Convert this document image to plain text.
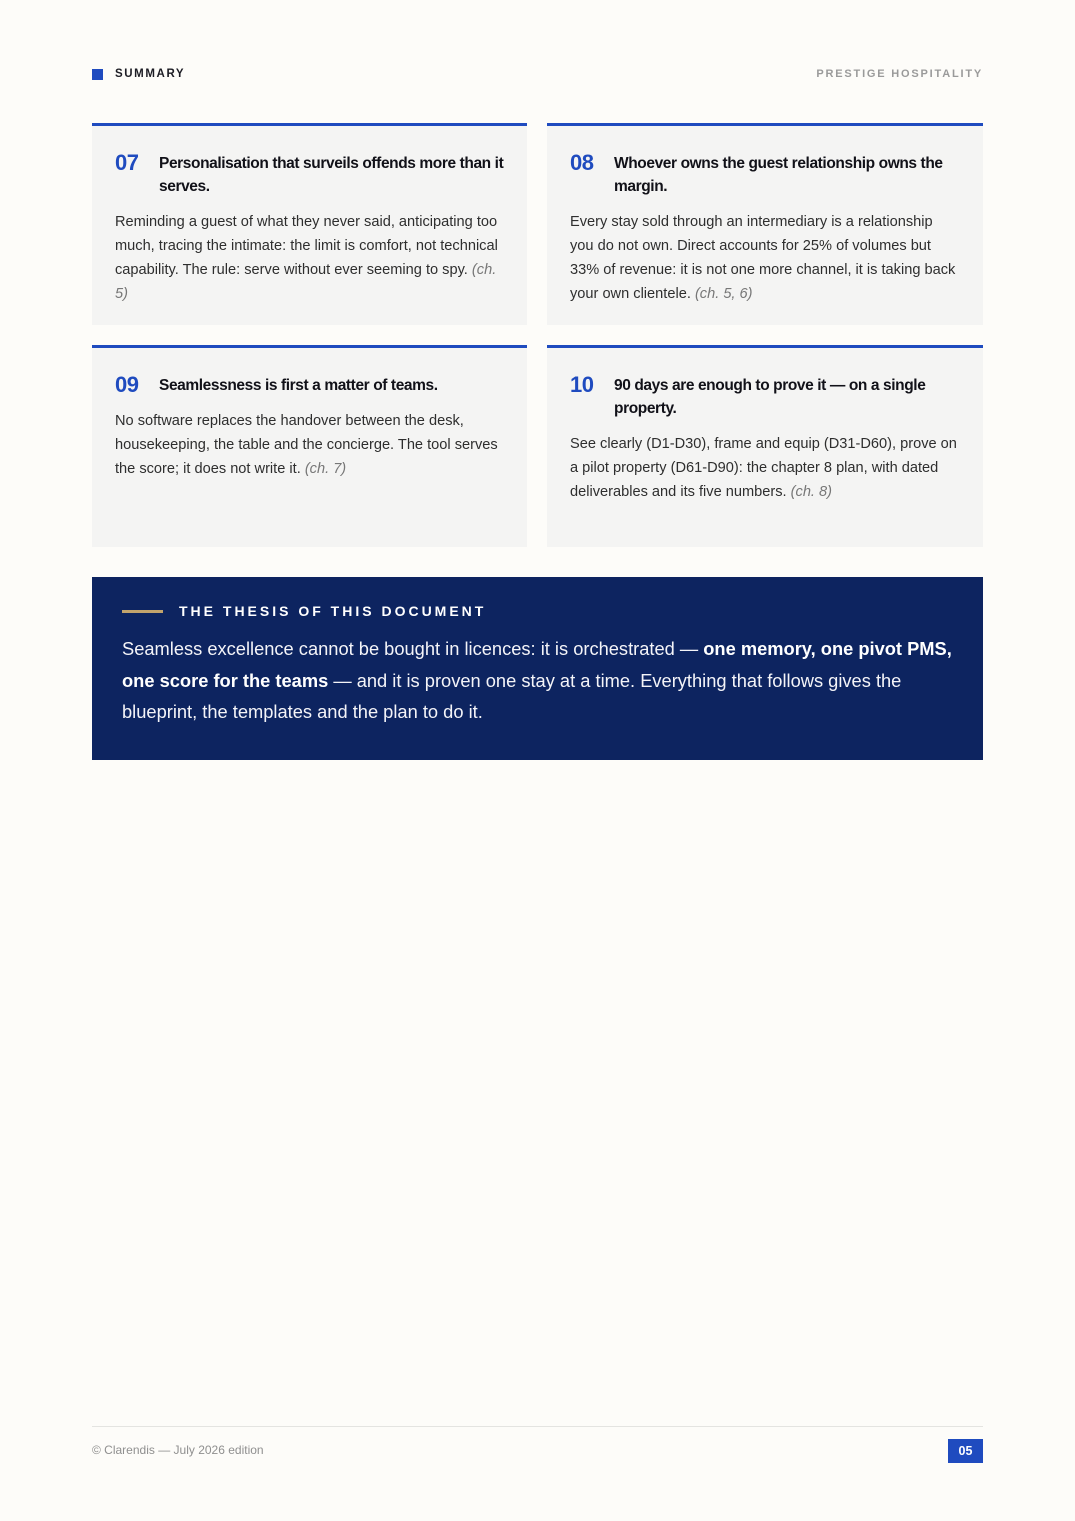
SUMMARY	PRESTIGE HOSPITALITY
07	Personalisation that surveils offends more than it serves.

Reminding a guest of what they never said, anticipating too much, tracing the intimate: the limit is comfort, not technical capability. The rule: serve without ever seeming to spy. (ch. 5)

08	Whoever owns the guest relationship owns the margin.

Every stay sold through an intermediary is a relationship you do not own. Direct accounts for 25% of volumes but 33% of revenue: it is not one more channel, it is taking back your own clientele. (ch. 5, 6)

09	Seamlessness is first a matter of teams.

No software replaces the handover between the desk, housekeeping, the table and the concierge. The tool serves the score; it does not write it. (ch. 7)

10	90 days are enough to prove it — on a single property.

See clearly (D1-D30), frame and equip (D31-D60), prove on a pilot property (D61-D90): the chapter 8 plan, with dated deliverables and its five numbers. (ch. 8)

THE THESIS OF THIS DOCUMENT

Seamless excellence cannot be bought in licences: it is orchestrated — one memory, one pivot PMS, one score for the teams — and it is proven one stay at a time. Everything that follows gives the blueprint, the templates and the plan to do it.

© Clarendis — July 2026 edition	05
